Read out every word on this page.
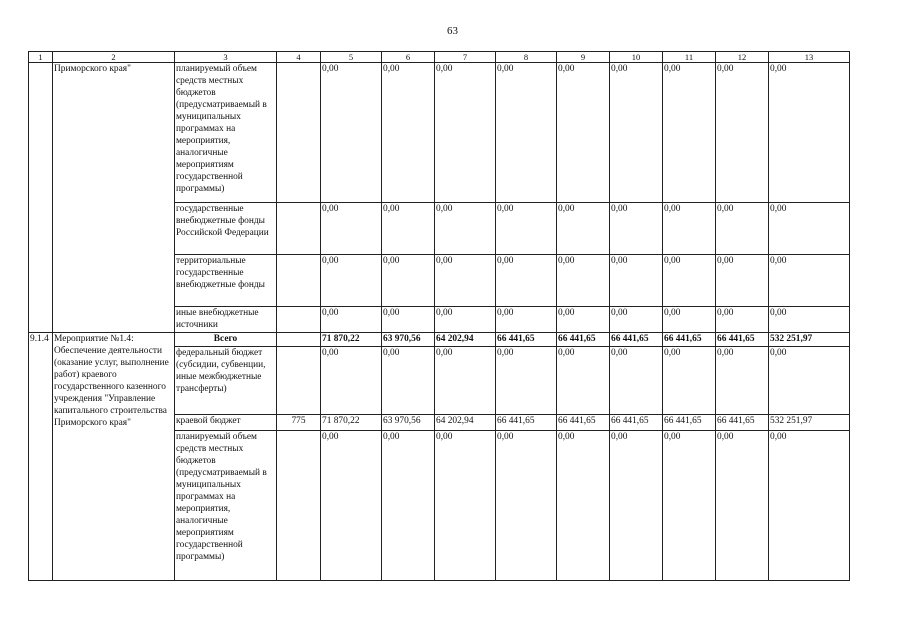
63
1	2	3	4	5	6	7	8	9	10	11	12	13
	Приморского края"	планируемый объем средств местных бюджетов (предусматриваемый в муниципальных программах на мероприятия, аналогичные мероприятиям государственной программы)		0,00	0,00	0,00	0,00	0,00	0,00	0,00	0,00	0,00
		государственные внебюджетные фонды Российской Федерации		0,00	0,00	0,00	0,00	0,00	0,00	0,00	0,00	0,00
		территориальные государственные внебюджетные фонды		0,00	0,00	0,00	0,00	0,00	0,00	0,00	0,00	0,00
		иные внебюджетные источники		0,00	0,00	0,00	0,00	0,00	0,00	0,00	0,00	0,00
9.1.4	Мероприятие №1.4: Обеспечение деятельности (оказание услуг, выполнение работ) краевого государственного казенного учреждения "Управление капитального строительства Приморского края"	Всего		71 870,22	63 970,56	64 202,94	66 441,65	66 441,65	66 441,65	66 441,65	66 441,65	532 251,97
		федеральный бюджет (субсидии, субвенции, иные межбюджетные трансферты)		0,00	0,00	0,00	0,00	0,00	0,00	0,00	0,00	0,00
		краевой бюджет	775	71 870,22	63 970,56	64 202,94	66 441,65	66 441,65	66 441,65	66 441,65	66 441,65	532 251,97
		планируемый объем средств местных бюджетов (предусматриваемый в муниципальных программах на мероприятия, аналогичные мероприятиям государственной программы)		0,00	0,00	0,00	0,00	0,00	0,00	0,00	0,00	0,00
